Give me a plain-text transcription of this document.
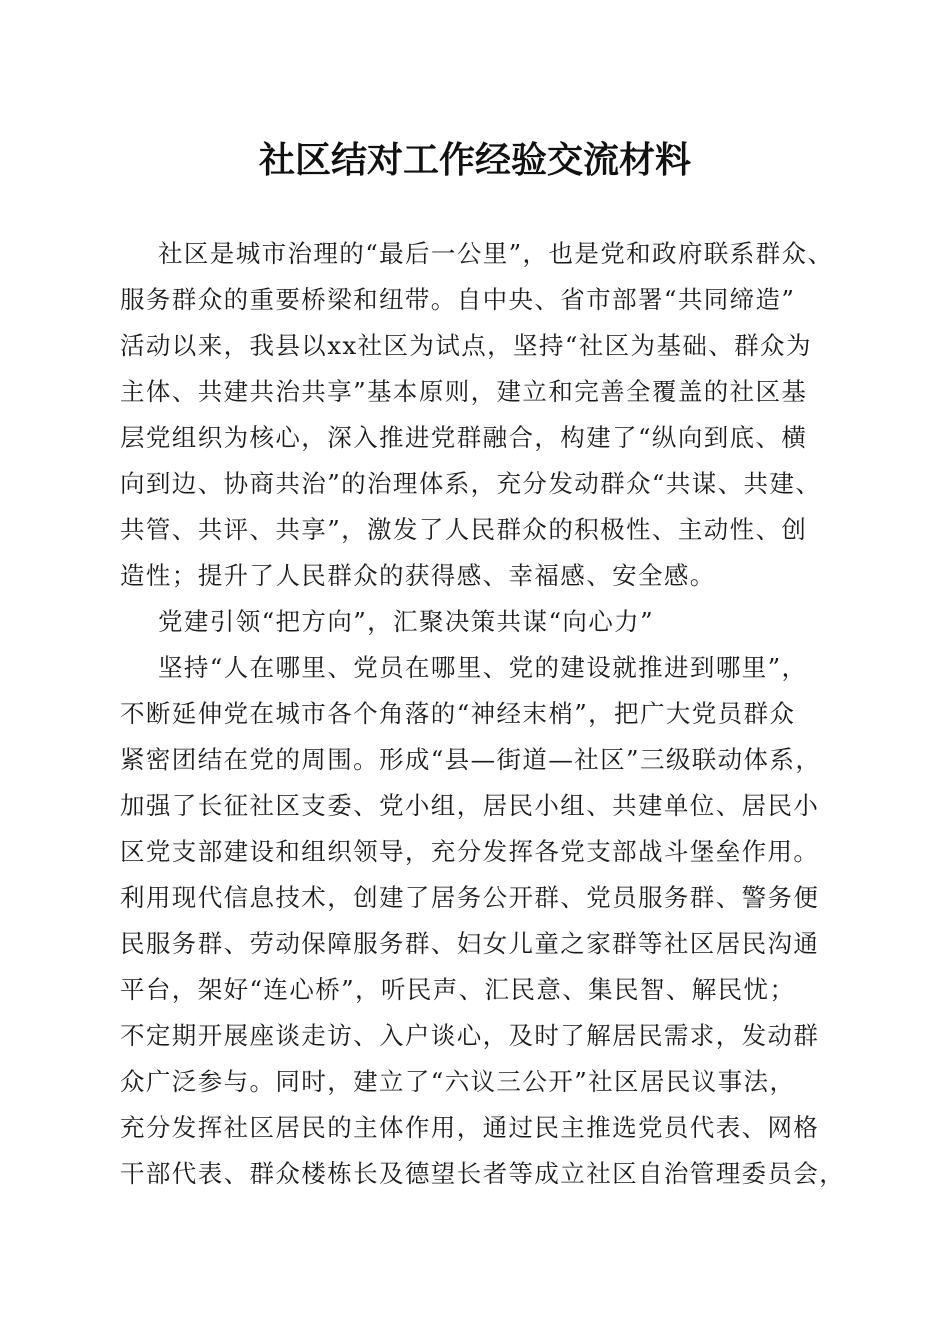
社区结对工作经验交流材料
社区是城市治理的“最后一公里”，也是党和政府联系群众、
服务群众的重要桥梁和纽带。自中央、省市部署“共同缔造”
活动以来，我县以xx社区为试点，坚持“社区为基础、群众为
主体、共建共治共享”基本原则，建立和完善全覆盖的社区基
层党组织为核心，深入推进党群融合，构建了“纵向到底、横
向到边、协商共治”的治理体系，充分发动群众“共谋、共建、
共管、共评、共享”，激发了人民群众的积极性、主动性、创
造性；提升了人民群众的获得感、幸福感、安全感。
党建引领“把方向”，汇聚决策共谋“向心力”
坚持“人在哪里、党员在哪里、党的建设就推进到哪里”，
不断延伸党在城市各个角落的“神经末梢”，把广大党员群众
紧密团结在党的周围。形成“县—街道—社区”三级联动体系，
加强了长征社区支委、党小组，居民小组、共建单位、居民小
区党支部建设和组织领导，充分发挥各党支部战斗堡垒作用。
利用现代信息技术，创建了居务公开群、党员服务群、警务便
民服务群、劳动保障服务群、妇女儿童之家群等社区居民沟通
平台，架好“连心桥”，听民声、汇民意、集民智、解民忧；
不定期开展座谈走访、入户谈心，及时了解居民需求，发动群
众广泛参与。同时，建立了“六议三公开”社区居民议事法，
充分发挥社区居民的主体作用，通过民主推选党员代表、网格
干部代表、群众楼栋长及德望长者等成立社区自治管理委员会，
